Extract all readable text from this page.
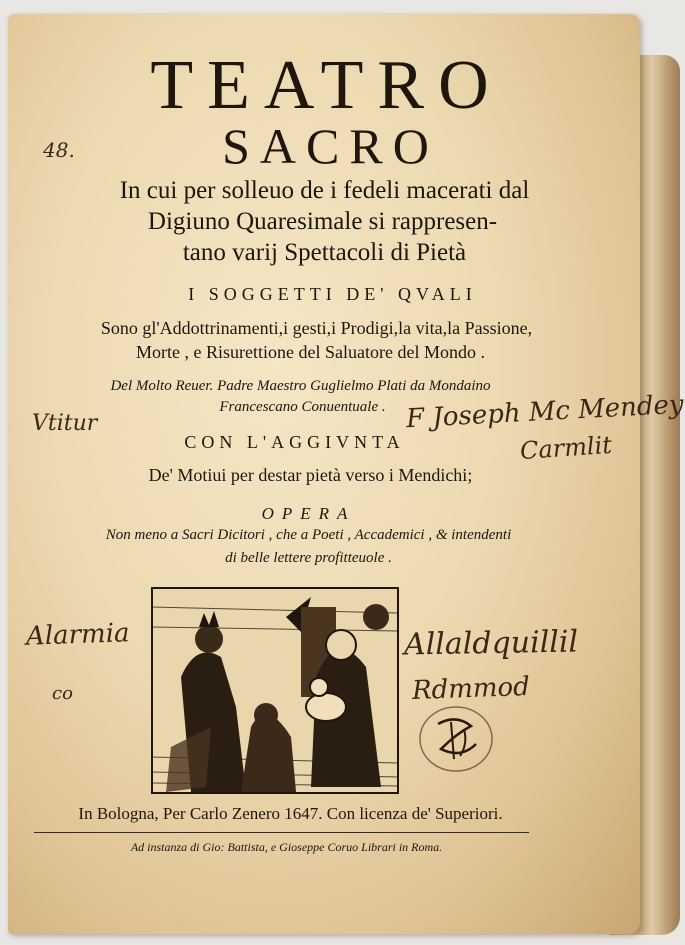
TEATRO
SACRO
In cui per solleuo de i fedeli macerati dal
Digiuno Quaresimale si rappresen-
tano varij Spettacoli di Pietà
I SOGGETTI DE' QVALI
Sono gl'Addottrinamenti,i gesti,i Prodigi,la vita,la Passione,
Morte , e Risurettione del Saluatore del Mondo .
Del Molto Reuer. Padre Maestro Guglielmo Plati da Mondaino
Francescano Conuentuale .
CON L'AGGIVNTA
De' Motiui per destar pietà verso i Mendichi;
OPERA
Non meno a Sacri Dicitori , che a Poeti , Accademici , & intendenti
di belle lettere profitteuole .
In Bologna, Per Carlo Zenero 1647. Con licenza de' Superiori.
Ad instanza di Gio: Battista, e Gioseppe Coruo Librari in Roma.
48.
Vtitur	F Joseph Mc Mendey
Carmlit
Alarmia
co
Allaldquillil
Rdmmod
